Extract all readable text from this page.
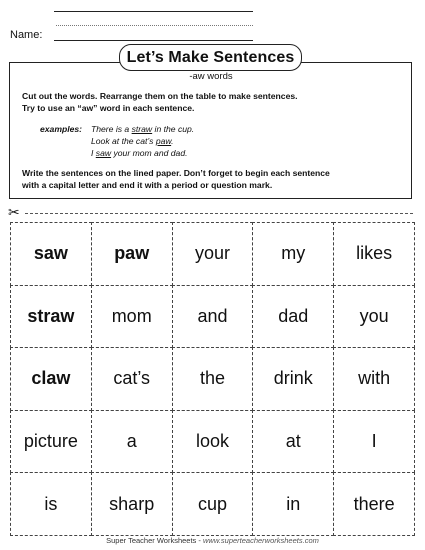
Name:
Let’s Make Sentences
-aw words
Cut out the words. Rearrange them on the table to make sentences.
Try to use an “aw” word in each sentence.
examples: There is a straw in the cup.
Look at the cat’s paw.
I saw your mom and dad.
Write the sentences on the lined paper. Don’t forget to begin each sentence
with a capital letter and end it with a period or question mark.
✂
saw	paw	your	my	likes
straw	mom	and	dad	you
claw	cat’s	the	drink	with
picture	a	look	at	I
is	sharp	cup	in	there
Super Teacher Worksheets - www.superteacherworksheets.com
